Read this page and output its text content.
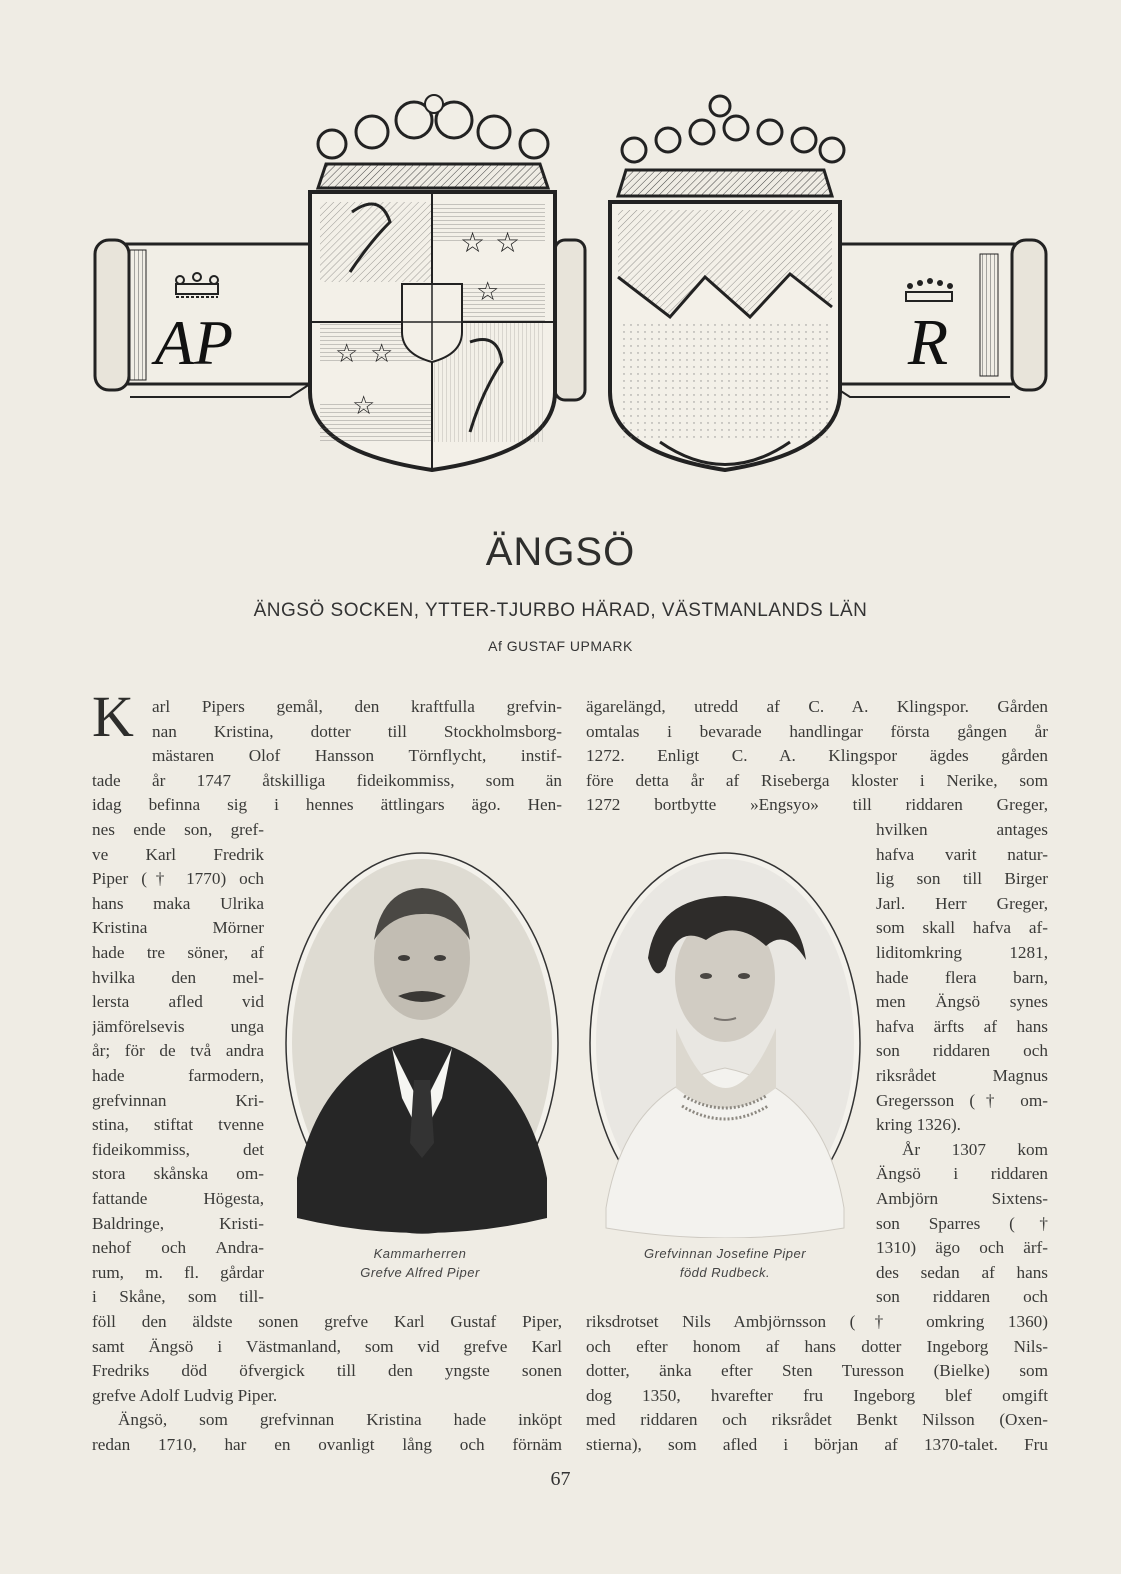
AP	R
☆ ☆
☆
☆ ☆
☆
ÄNGSÖ
ÄNGSÖ SOCKEN, YTTER-TJURBO HÄRAD, VÄSTMANLANDS LÄN
Af GUSTAF UPMARK
Kammarherren
Grefve Alfred Piper
Grefvinnan Josefine Piper
född Rudbeck.
K arl Pipers gemål, den kraftfulla grefvin-
nan Kristina, dotter till Stockholmsborg-
mästaren Olof Hansson Törnflycht, instif-
tade år 1747 åtskilliga fideikommiss, som än
idag befinna sig i hennes ättlingars ägo. Hen-
nes ende son, gref-
ve Karl Fredrik
Piper († 1770) och
hans maka Ulrika
Kristina Mörner
hade tre söner, af
hvilka den mel-
lersta afled vid
jämförelsevis unga
år; för de två andra
hade farmodern,
grefvinnan Kri-
stina, stiftat tvenne
fideikommiss, det
stora skånska om-
fattande Högesta,
Baldringe, Kristi-
nehof och Andra-
rum, m. fl. gårdar
i Skåne, som till-
föll den äldste sonen grefve Karl Gustaf Piper,
samt Ängsö i Västmanland, som vid grefve Karl
Fredriks död öfvergick till den yngste sonen
grefve Adolf Ludvig Piper.
Ängsö, som grefvinnan Kristina hade inköpt
redan 1710, har en ovanligt lång och förnäm
ägarelängd, utredd af C. A. Klingspor. Gården
omtalas i bevarade handlingar första gången år
1272. Enligt C. A. Klingspor ägdes gården
före detta år af Riseberga kloster i Nerike, som
1272 bortbytte »Engsyo» till riddaren Greger,
hvilken antages
hafva varit natur-
lig son till Birger
Jarl. Herr Greger,
som skall hafva af-
liditomkring 1281,
hade flera barn,
men Ängsö synes
hafva ärfts af hans
son riddaren och
riksrådet Magnus
Gregersson († om-
kring 1326).
År 1307 kom
Ängsö i riddaren
Ambjörn Sixtens-
son Sparres (†
1310) ägo och ärf-
des sedan af hans
son riddaren och
riksdrotset Nils Ambjörnsson († omkring 1360)
och efter honom af hans dotter Ingeborg Nils-
dotter, änka efter Sten Turesson (Bielke) som
dog 1350, hvarefter fru Ingeborg blef omgift
med riddaren och riksrådet Benkt Nilsson (Oxen-
stierna), som afled i början af 1370-talet. Fru
67
